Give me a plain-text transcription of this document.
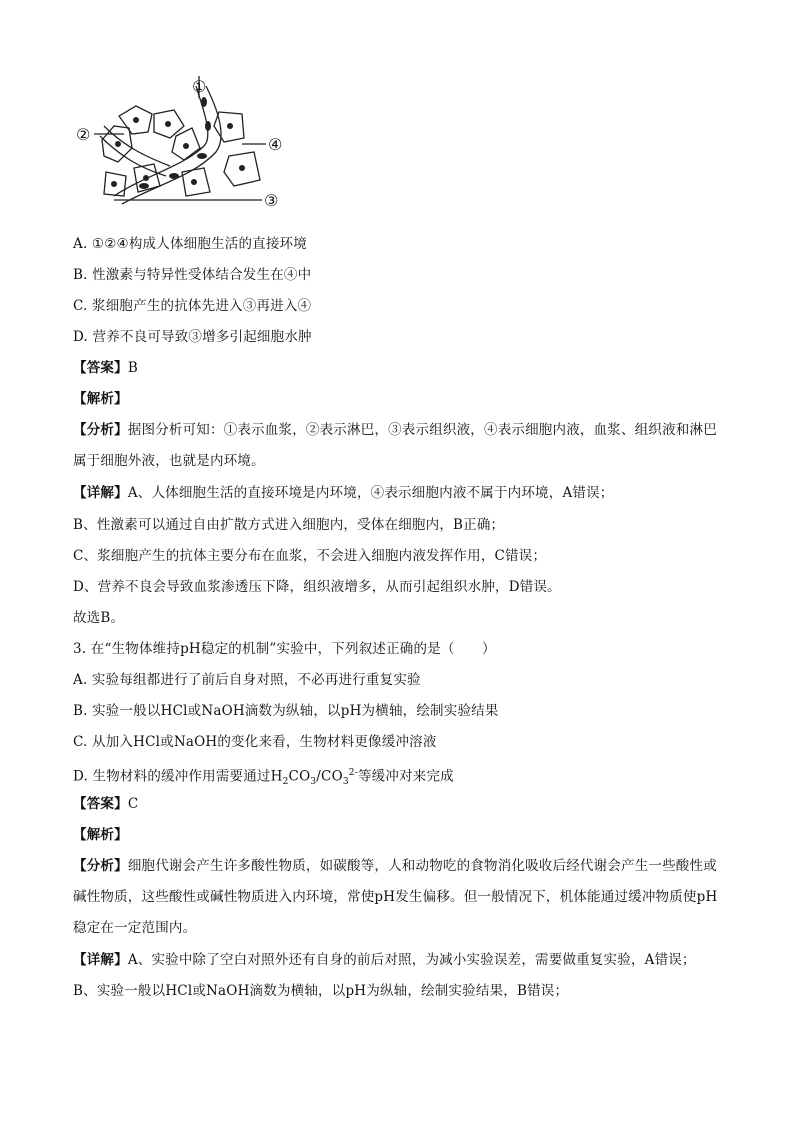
①
②
③
④
A. ①②④构成人体细胞生活的直接环境
B. 性激素与特异性受体结合发生在④中
C. 浆细胞产生的抗体先进入③再进入④
D. 营养不良可导致③增多引起细胞水肿
【答案】B
【解析】
【分析】据图分析可知：①表示血浆，②表示淋巴，③表示组织液，④表示细胞内液，血浆、组织液和淋巴属于细胞外液，也就是内环境。
【详解】A、人体细胞生活的直接环境是内环境，④表示细胞内液不属于内环境，A错误；
B、性激素可以通过自由扩散方式进入细胞内，受体在细胞内，B正确；
C、浆细胞产生的抗体主要分布在血浆，不会进入细胞内液发挥作用，C错误；
D、营养不良会导致血浆渗透压下降，组织液增多，从而引起组织水肿，D错误。
故选B。
3. 在“生物体维持pH稳定的机制”实验中，下列叙述正确的是（　　）
A. 实验每组都进行了前后自身对照，不必再进行重复实验
B. 实验一般以HCl或NaOH滴数为纵轴，以pH为横轴，绘制实验结果
C. 从加入HCl或NaOH的变化来看，生物材料更像缓冲溶液
D. 生物材料的缓冲作用需要通过$H_2CO_3/CO_3^{2-}$等缓冲对来完成
【答案】C
【解析】
【分析】细胞代谢会产生许多酸性物质，如碳酸等，人和动物吃的食物消化吸收后经代谢会产生一些酸性或碱性物质，这些酸性或碱性物质进入内环境，常使pH发生偏移。但一般情况下，机体能通过缓冲物质使pH稳定在一定范围内。
【详解】A、实验中除了空白对照外还有自身的前后对照，为减小实验误差，需要做重复实验，A错误；
B、实验一般以HCl或NaOH滴数为横轴，以pH为纵轴，绘制实验结果，B错误；
